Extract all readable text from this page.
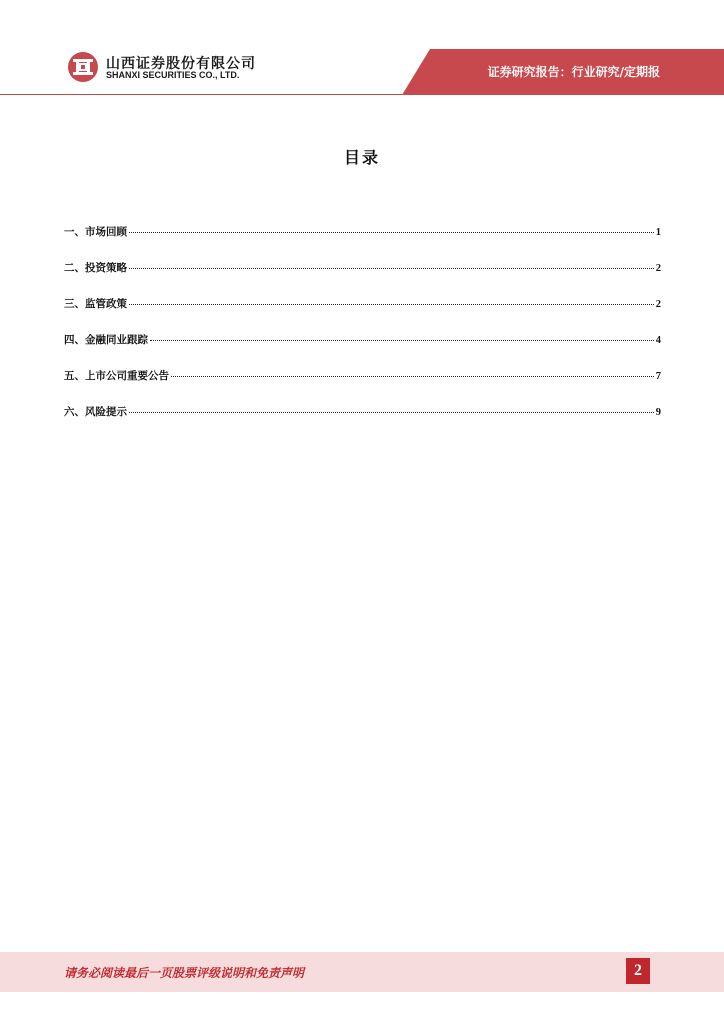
山西证券股份有限公司
SHANXI SECURITIES CO., LTD.	证券研究报告：行业研究/定期报
目录
一、市场回顾	1
二、投资策略	2
三、监管政策	2
四、金融同业跟踪	4
五、上市公司重要公告	7
六、风险提示	9
请务必阅读最后一页股票评级说明和免责声明	2
